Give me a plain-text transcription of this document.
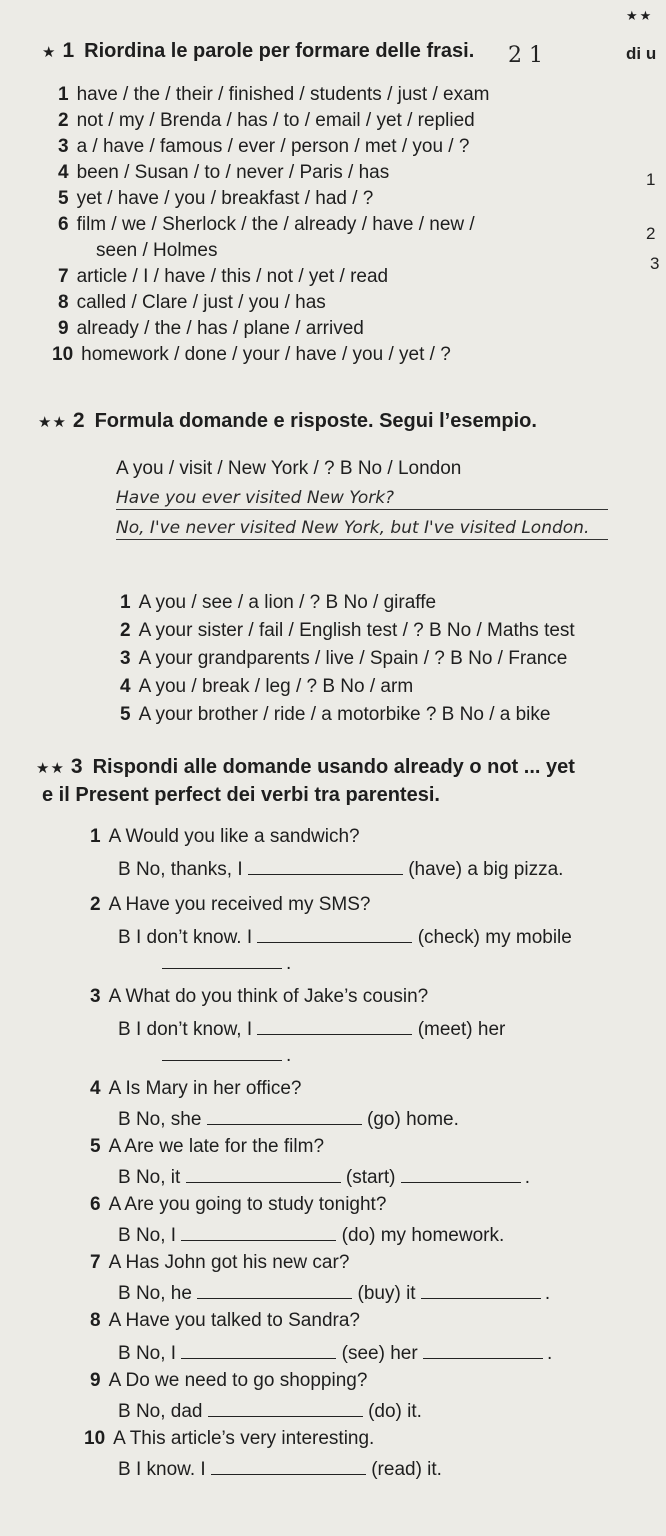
★★
di u
2 1
★ 1 Riordina le parole per formare delle frasi.
1 have / the / their / finished / students / just / exam
2 not / my / Brenda / has / to / email / yet / replied
3 a / have / famous / ever / person / met / you / ?
4 been / Susan / to / never / Paris / has
5 yet / have / you / breakfast / had / ?
6 film / we / Sherlock / the / already / have / new /
seen / Holmes
7 article / I / have / this / not / yet / read
8 called / Clare / just / you / has
9 already / the / has / plane / arrived
10 homework / done / your / have / you / yet / ?
1
2
3
★★ 2 Formula domande e risposte. Segui l’esempio.
A you / visit / New York / ? B No / London
Have you ever visited New York?
No, I've never visited New York, but I've visited London.
1 A you / see / a lion / ? B No / giraffe
2 A your sister / fail / English test / ? B No / Maths test
3 A your grandparents / live / Spain / ? B No / France
4 A you / break / leg / ? B No / arm
5 A your brother / ride / a motorbike ? B No / a bike
★★ 3 Rispondi alle domande usando already o not ... yet
e il Present perfect dei verbi tra parentesi.
1 A Would you like a sandwich?
B No, thanks, I	(have) a big pizza.
2 A Have you received my SMS?
B I don’t know. I	(check) my mobile
.
3 A What do you think of Jake’s cousin?
B I don’t know, I	(meet) her
.
4 A Is Mary in her office?
B No, she	(go) home.
5 A Are we late for the film?
B No, it	(start)	.
6 A Are you going to study tonight?
B No, I	(do) my homework.
7 A Has John got his new car?
B No, he	(buy) it	.
8 A Have you talked to Sandra?
B No, I	(see) her	.
9 A Do we need to go shopping?
B No, dad	(do) it.
10 A This article’s very interesting.
B I know. I	(read) it.
